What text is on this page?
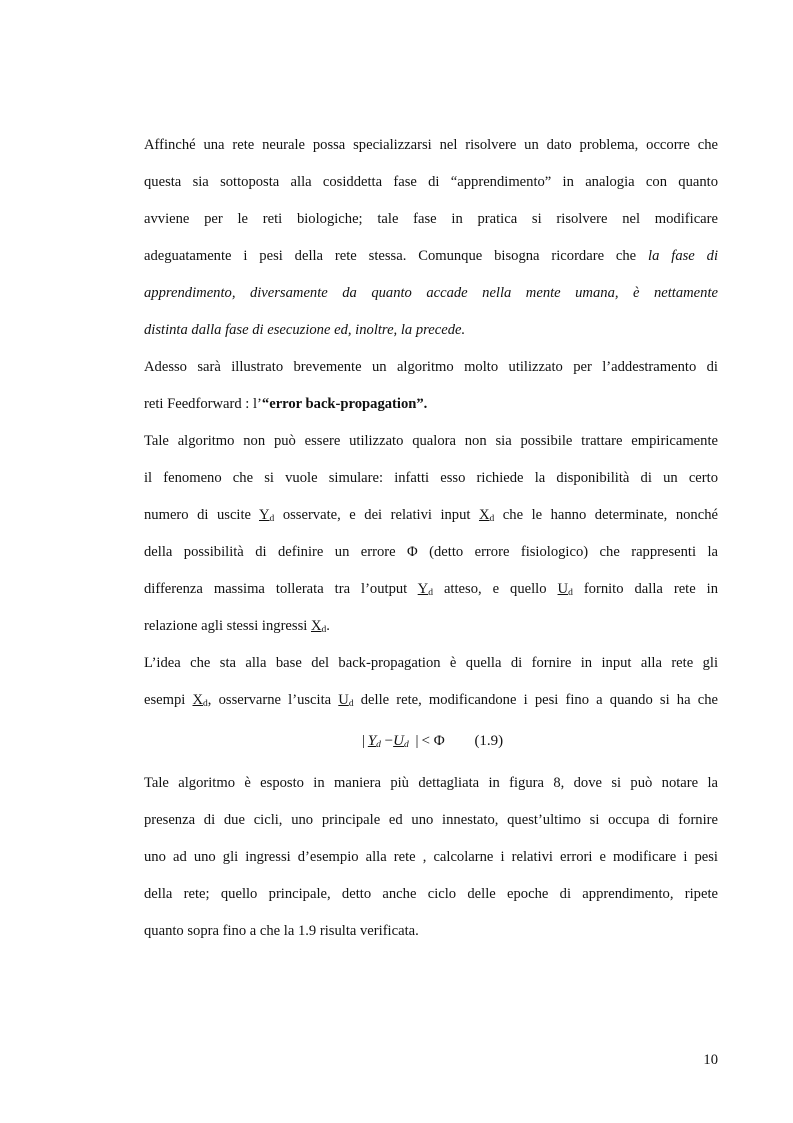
Affinché una rete neurale possa specializzarsi nel risolvere un dato problema, occorre che
questa sia sottoposta alla cosiddetta fase di “apprendimento” in analogia con quanto
avviene per le reti biologiche; tale fase in pratica si risolvere nel modificare
adeguatamente i pesi della rete stessa. Comunque bisogna ricordare che la fase di
apprendimento, diversamente da quanto accade nella mente umana, è nettamente
distinta dalla fase di esecuzione ed, inoltre, la precede.
Adesso sarà illustrato brevemente un algoritmo molto utilizzato per l’addestramento di
reti Feedforward : l’“error back-propagation”.
Tale algoritmo non può essere utilizzato qualora non sia possibile trattare empiricamente
il fenomeno che si vuole simulare: infatti esso richiede la disponibilità di un certo
numero di uscite $Y_d$ osservate, e dei relativi input $X_d$ che le hanno determinate, nonché
della possibilità di definire un errore Φ (detto errore fisiologico) che rappresenti la
differenza massima tollerata tra l’output $Y_d$ atteso, e quello $U_d$ fornito dalla rete in
relazione agli stessi ingressi $X_d$.
L’idea che sta alla base del back-propagation è quella di fornire in input alla rete gli
esempi $X_d$, osservarne l’uscita $U_d$ delle rete, modificandone i pesi fino a quando si ha che
| $Y_d -U_d$ | < Φ (1.9)
Tale algoritmo è esposto in maniera più dettagliata in figura 8, dove si può notare la
presenza di due cicli, uno principale ed uno innestato, quest’ultimo si occupa di fornire
uno ad uno gli ingressi d’esempio alla rete , calcolarne i relativi errori e modificare i pesi
della rete; quello principale, detto anche ciclo delle epoche di apprendimento, ripete
quanto sopra fino a che la 1.9 risulta verificata.
10
